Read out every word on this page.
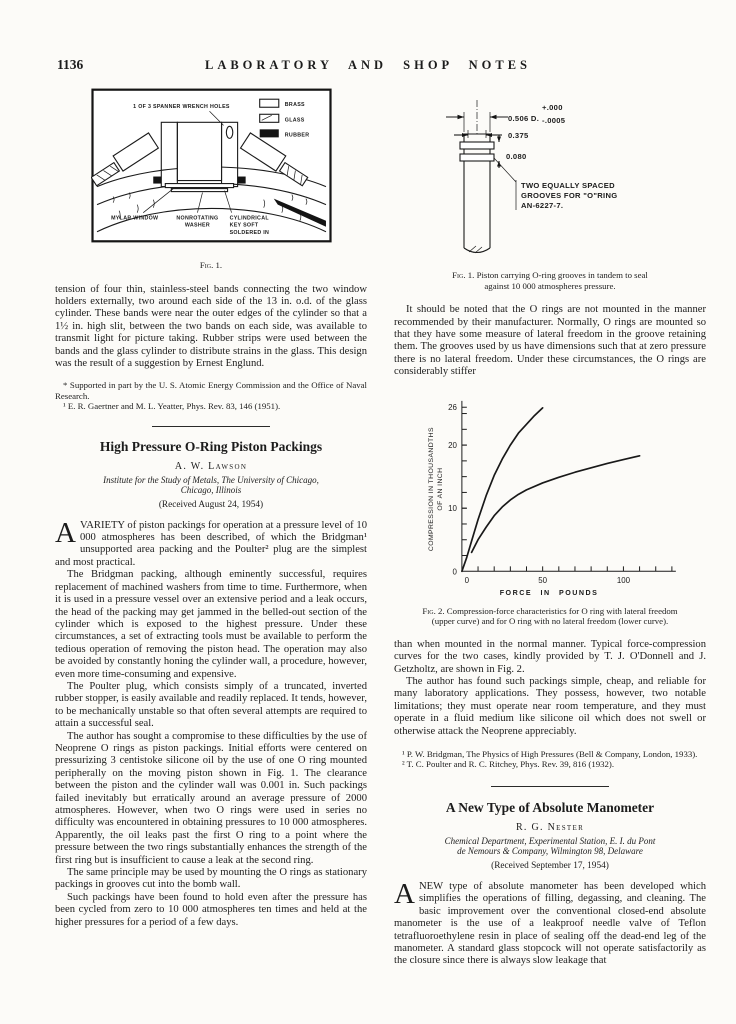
1136	LABORATORY AND SHOP NOTES
BRASS
GLASS
RUBBER
1 OF 3 SPANNER WRENCH HOLES
MYLAR WINDOW	NONROTATING
WASHER
CYLINDRICAL
KEY SOFT
SOLDERED IN

Fig. 1.

tension of four thin, stainless-steel bands connecting the two window holders externally, two around each side of the 13 in. o.d. of the glass cylinder. These bands were near the outer edges of the cylinder so that a 1½ in. high slit, between the two bands on each side, was available to transmit light for picture taking. Rubber strips were used between the bands and the glass cylinder to distribute strains in the glass. This design was the result of a suggestion by Ernest Englund.

* Supported in part by the U. S. Atomic Energy Commission and the Office of Naval Research.

¹ E. R. Gaertner and M. L. Yeatter, Phys. Rev. 83, 146 (1951).

High Pressure O-Ring Piston Packings

A. W. Lawson

Institute for the Study of Metals, The University of Chicago,
Chicago, Illinois

(Received August 24, 1954)

AVARIETY of piston packings for operation at a pressure level of 10 000 atmospheres has been described, of which the Bridgman¹ unsupported area packing and the Poulter² plug are the simplest and most practical.

The Bridgman packing, although eminently successful, requires replacement of machined washers from time to time. Furthermore, when it is used in a pressure vessel over an extensive period and a leak occurs, the head of the packing may get jammed in the belled-out section of the cylinder which is exposed to the highest pressure. Under these circumstances, a set of extracting tools must be available to perform the tedious operation of removing the piston head. The operation may also be avoided by constantly honing the cylinder wall, a procedure, however, even more time-consuming and expensive.

The Poulter plug, which consists simply of a truncated, inverted rubber stopper, is easily available and readily replaced. It tends, however, to be mechanically unstable so that often several attempts are required to attain a successful seal.

The author has sought a compromise to these difficulties by the use of Neoprene O rings as piston packings. Initial efforts were centered on pressurizing 3 centistoke silicone oil by the use of one O ring mounted peripherally on the moving piston shown in Fig. 1. The clearance between the piston and the cylinder wall was 0.001 in. Such packings failed inevitably but erratically around an average pressure of 2000 atmospheres. However, when two O rings were used in series no difficulty was encountered in obtaining pressures to 10 000 atmospheres. Apparently, the oil leaks past the first O ring to a point where the pressure between the two rings substantially enhances the strength of the first ring but is insufficient to cause a leak at the second ring.

The same principle may be used by mounting the O rings as stationary packings in grooves cut into the bomb wall.

Such packings have been found to hold even after the pressure has been cycled from zero to 10 000 atmospheres ten times and held at the higher pressures for a period of a few days.

+.000
0.506 D. -.0005
0.375
0.080
TWO EQUALLY SPACED
GROOVES FOR "O"RING
AN-6227-7.

Fig. 1. Piston carrying O-ring grooves in tandem to seal
against 10 000 atmospheres pressure.

It should be noted that the O rings are not mounted in the manner recommended by their manufacturer. Normally, O rings are mounted so that they have some measure of lateral freedom in the groove retaining them. The grooves used by us have dimensions such that at zero pressure there is no lateral freedom. Under these circumstances, the O rings are considerably stiffer

0	50	100
0
10
20
26
COMPRESSION IN THOUSANDTHS OF AN INCH
FORCE IN POUNDS

Fig. 2. Compression-force characteristics for O ring with lateral freedom
(upper curve) and for O ring with no lateral freedom (lower curve).

than when mounted in the normal manner. Typical force-compression curves for the two cases, kindly provided by T. J. O'Donnell and J. Getzholtz, are shown in Fig. 2.

The author has found such packings simple, cheap, and reliable for many laboratory applications. They possess, however, two notable limitations; they must operate near room temperature, and they must operate in a fluid medium like silicone oil which does not swell or otherwise attack the Neoprene appreciably.

¹ P. W. Bridgman, The Physics of High Pressures (Bell & Company, London, 1933).

² T. C. Poulter and R. C. Ritchey, Phys. Rev. 39, 816 (1932).

A New Type of Absolute Manometer

R. G. Nester

Chemical Department, Experimental Station, E. I. du Pont
de Nemours & Company, Wilmington 98, Delaware

(Received September 17, 1954)

ANEW type of absolute manometer has been developed which simplifies the operations of filling, degassing, and cleaning. The basic improvement over the conventional closed-end absolute manometer is the use of a leakproof needle valve of Teflon tetrafluoroethylene resin in place of sealing off the dead-end leg of the manometer. A standard glass stopcock will not operate satisfactorily as the closure since there is always slow leakage that
